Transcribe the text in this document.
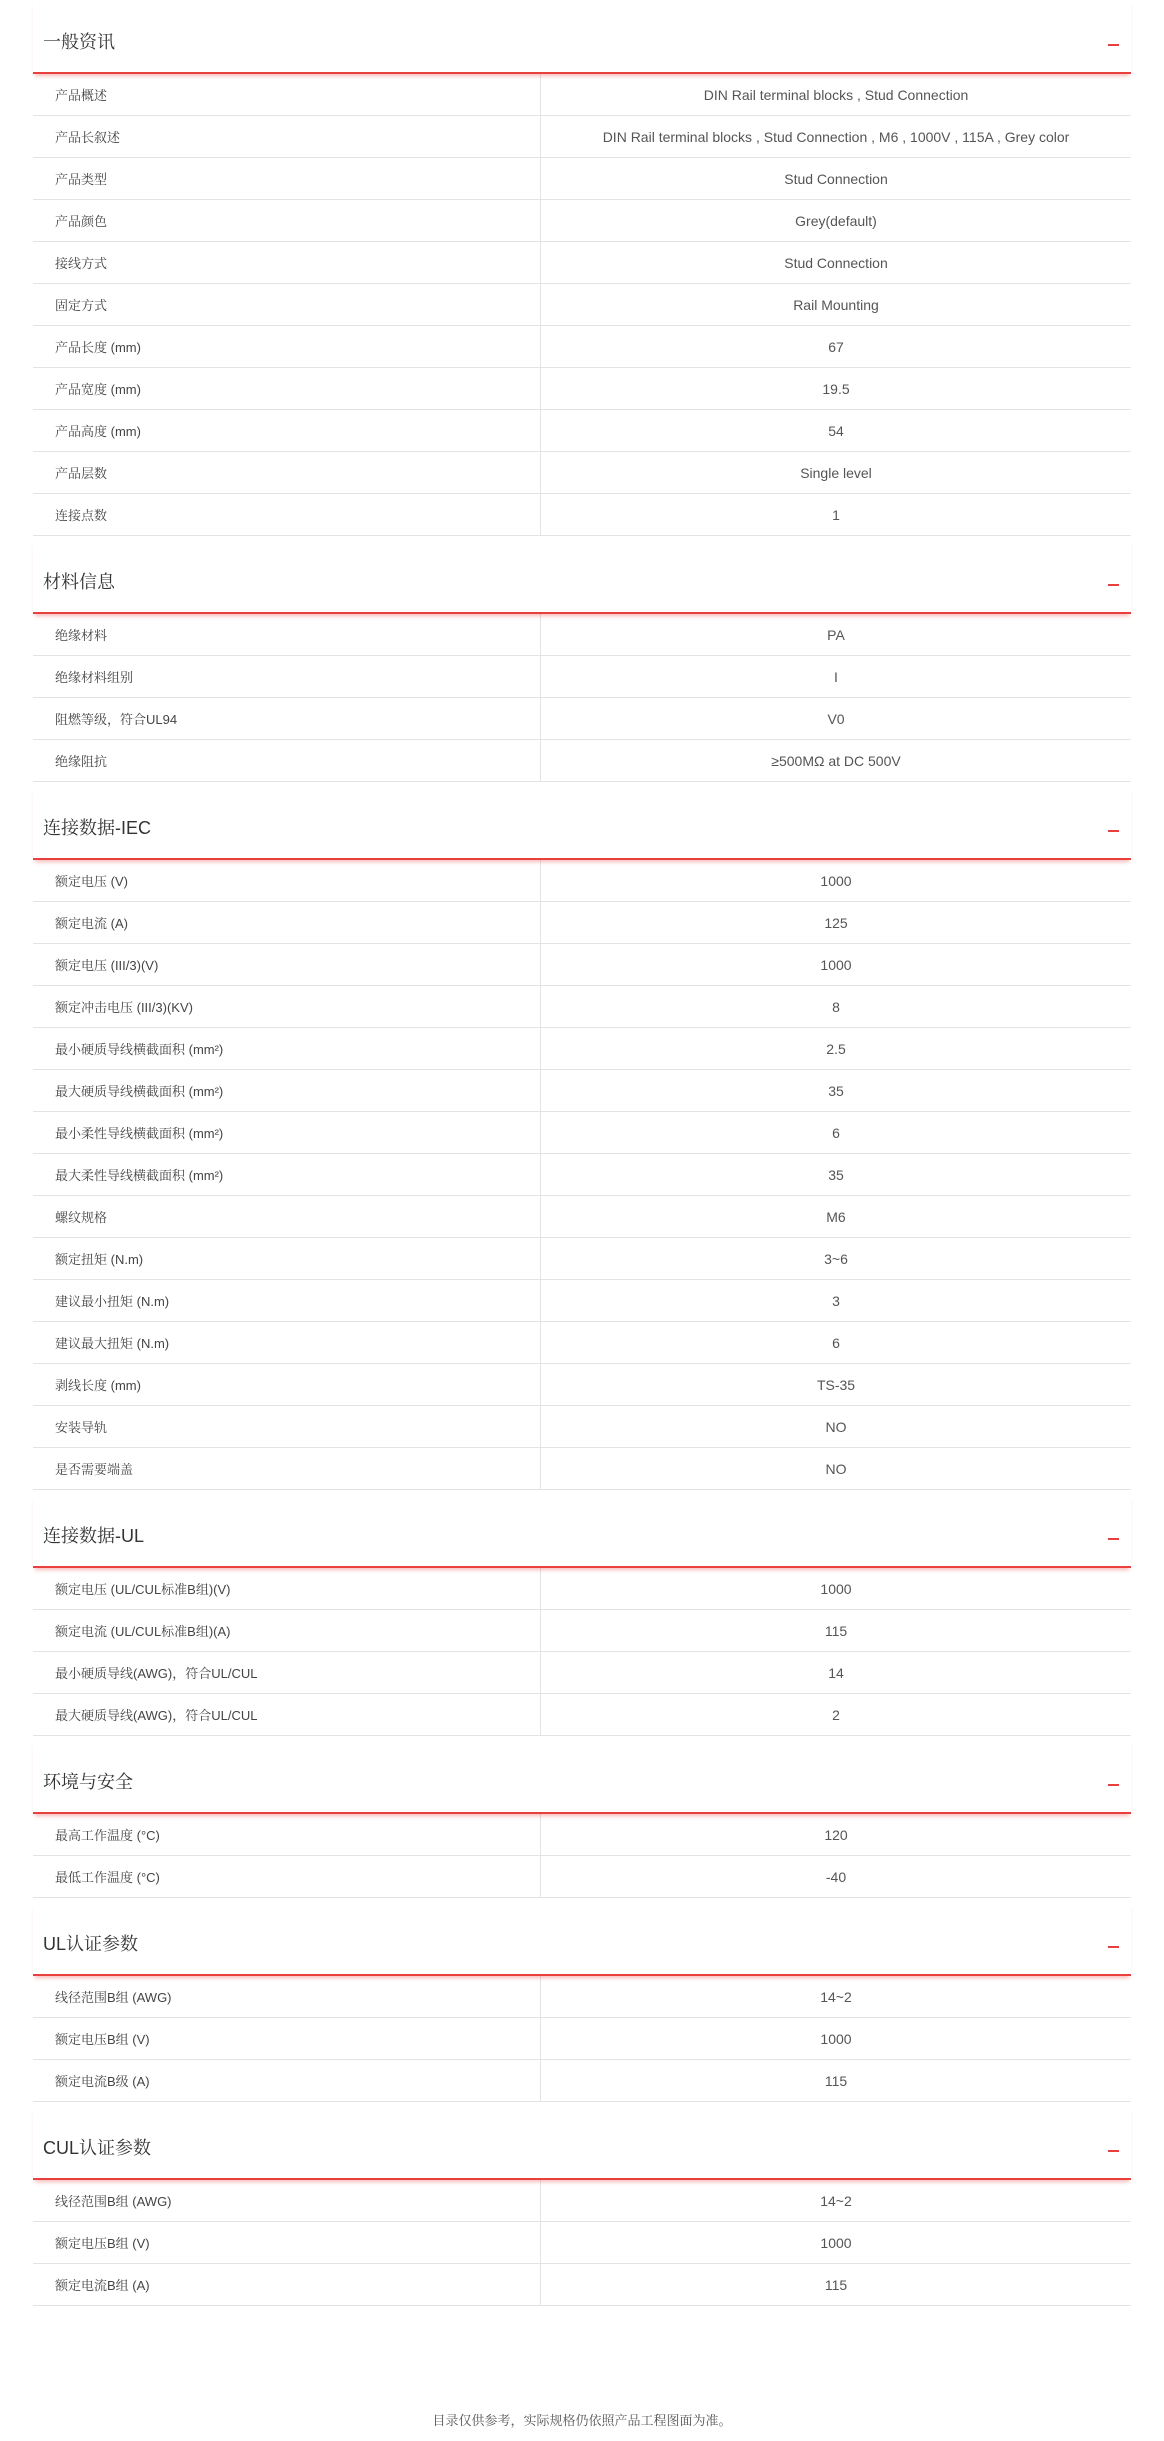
一般资讯
产品概述	DIN Rail terminal blocks , Stud Connection
产品长叙述	DIN Rail terminal blocks , Stud Connection , M6 , 1000V , 115A , Grey color
产品类型	Stud Connection
产品颜色	Grey(default)
接线方式	Stud Connection
固定方式	Rail Mounting
产品长度 (mm)	67
产品宽度 (mm)	19.5
产品高度 (mm)	54
产品层数	Single level
连接点数	1
材料信息
绝缘材料	PA
绝缘材料组别	I
阻燃等级，符合UL94	V0
绝缘阻抗	≥500MΩ at DC 500V
连接数据-IEC
额定电压 (V)	1000
额定电流 (A)	125
额定电压 (III/3)(V)	1000
额定冲击电压 (III/3)(KV)	8
最小硬质导线横截面积 (mm²)	2.5
最大硬质导线横截面积 (mm²)	35
最小柔性导线横截面积 (mm²)	6
最大柔性导线横截面积 (mm²)	35
螺纹规格	M6
额定扭矩 (N.m)	3~6
建议最小扭矩 (N.m)	3
建议最大扭矩 (N.m)	6
剥线长度 (mm)	TS-35
安装导轨	NO
是否需要端盖	NO
连接数据-UL
额定电压 (UL/CUL标准B组)(V)	1000
额定电流 (UL/CUL标准B组)(A)	115
最小硬质导线(AWG)，符合UL/CUL	14
最大硬质导线(AWG)，符合UL/CUL	2
环境与安全
最高工作温度 (°C)	120
最低工作温度 (°C)	-40
UL认证参数
线径范围B组 (AWG)	14~2
额定电压B组 (V)	1000
额定电流B级 (A)	115
CUL认证参数
线径范围B组 (AWG)	14~2
额定电压B组 (V)	1000
额定电流B组 (A)	115
目录仅供参考，实际规格仍依照产品工程图面为准。
